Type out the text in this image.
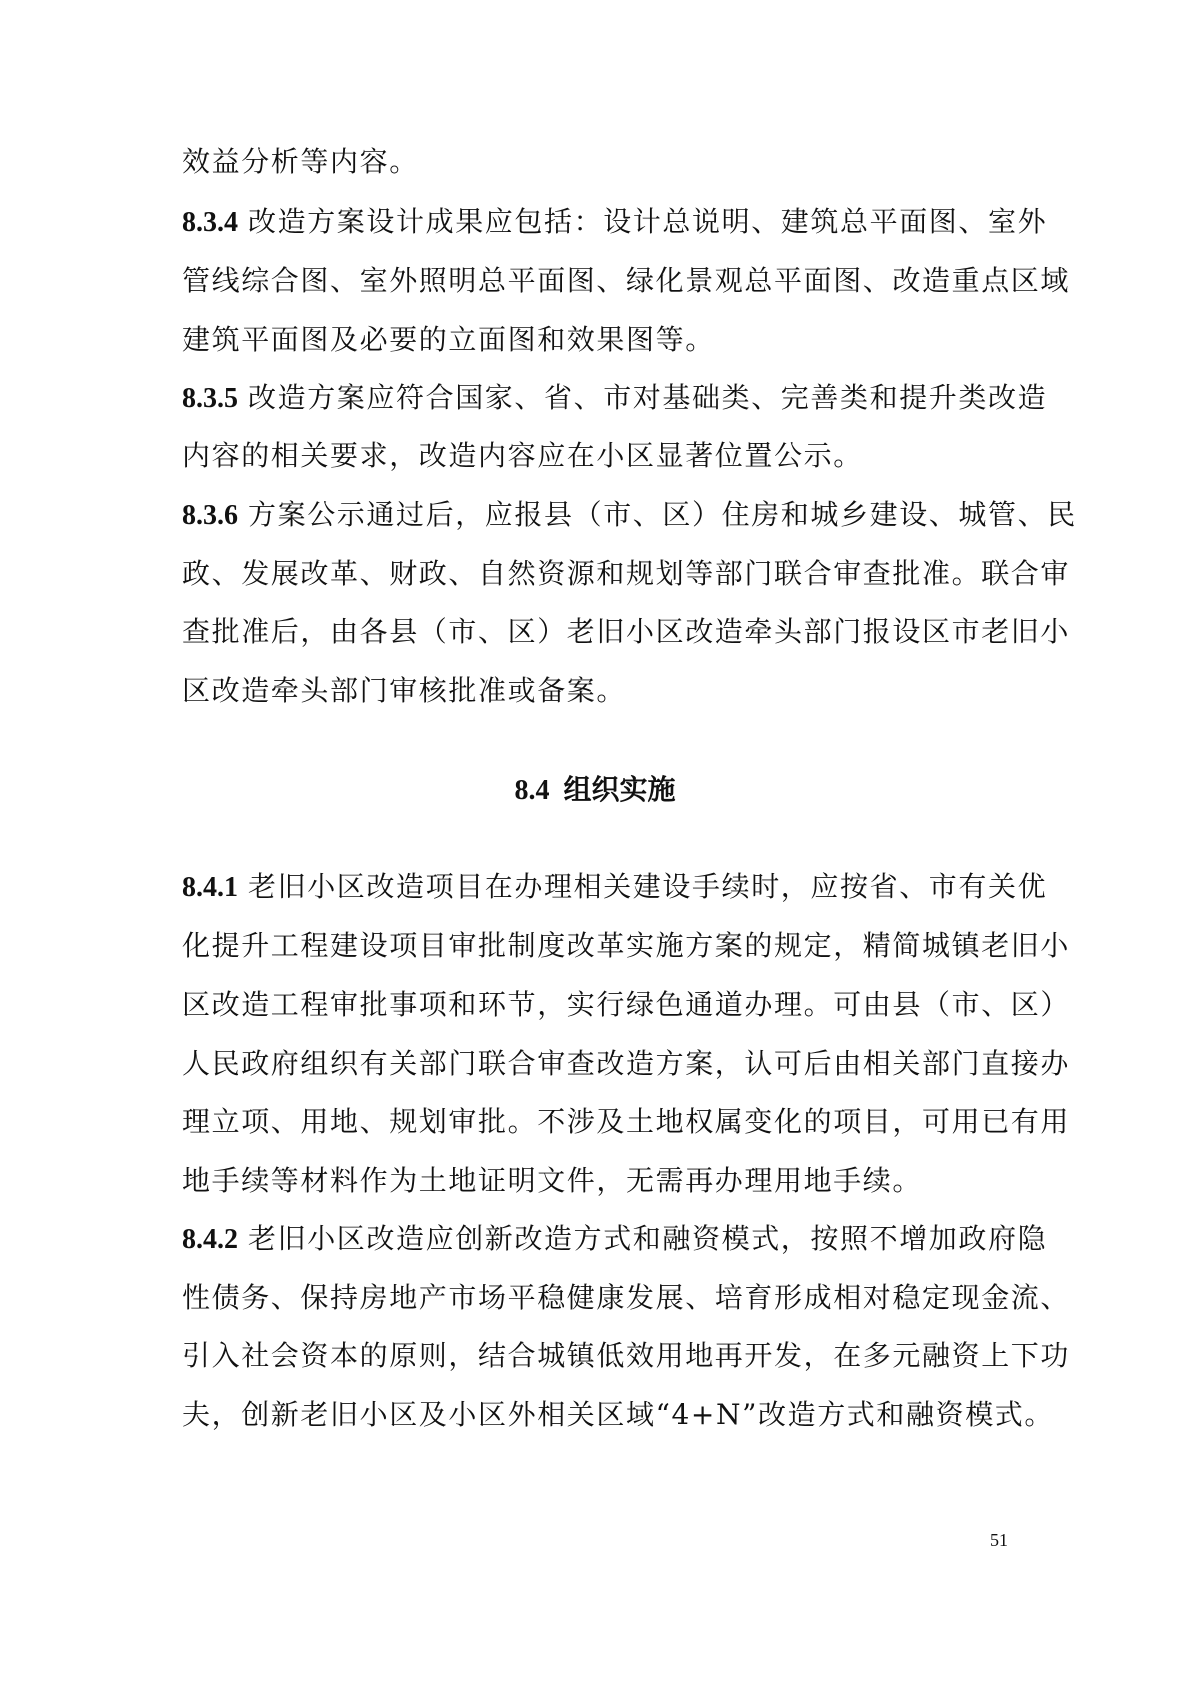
效益分析等内容。
8.3.4 改造方案设计成果应包括：设计总说明、建筑总平面图、室外
管线综合图、室外照明总平面图、绿化景观总平面图、改造重点区域
建筑平面图及必要的立面图和效果图等。
8.3.5 改造方案应符合国家、省、市对基础类、完善类和提升类改造
内容的相关要求，改造内容应在小区显著位置公示。
8.3.6 方案公示通过后，应报县（市、区）住房和城乡建设、城管、民
政、发展改革、财政、自然资源和规划等部门联合审查批准。联合审
查批准后，由各县（市、区）老旧小区改造牵头部门报设区市老旧小
区改造牵头部门审核批准或备案。
8.4 组织实施
8.4.1 老旧小区改造项目在办理相关建设手续时，应按省、市有关优
化提升工程建设项目审批制度改革实施方案的规定，精简城镇老旧小
区改造工程审批事项和环节，实行绿色通道办理。可由县（市、区）
人民政府组织有关部门联合审查改造方案，认可后由相关部门直接办
理立项、用地、规划审批。不涉及土地权属变化的项目，可用已有用
地手续等材料作为土地证明文件，无需再办理用地手续。
8.4.2 老旧小区改造应创新改造方式和融资模式，按照不增加政府隐
性债务、保持房地产市场平稳健康发展、培育形成相对稳定现金流、
引入社会资本的原则，结合城镇低效用地再开发，在多元融资上下功
夫，创新老旧小区及小区外相关区域“4+N”改造方式和融资模式。
51
